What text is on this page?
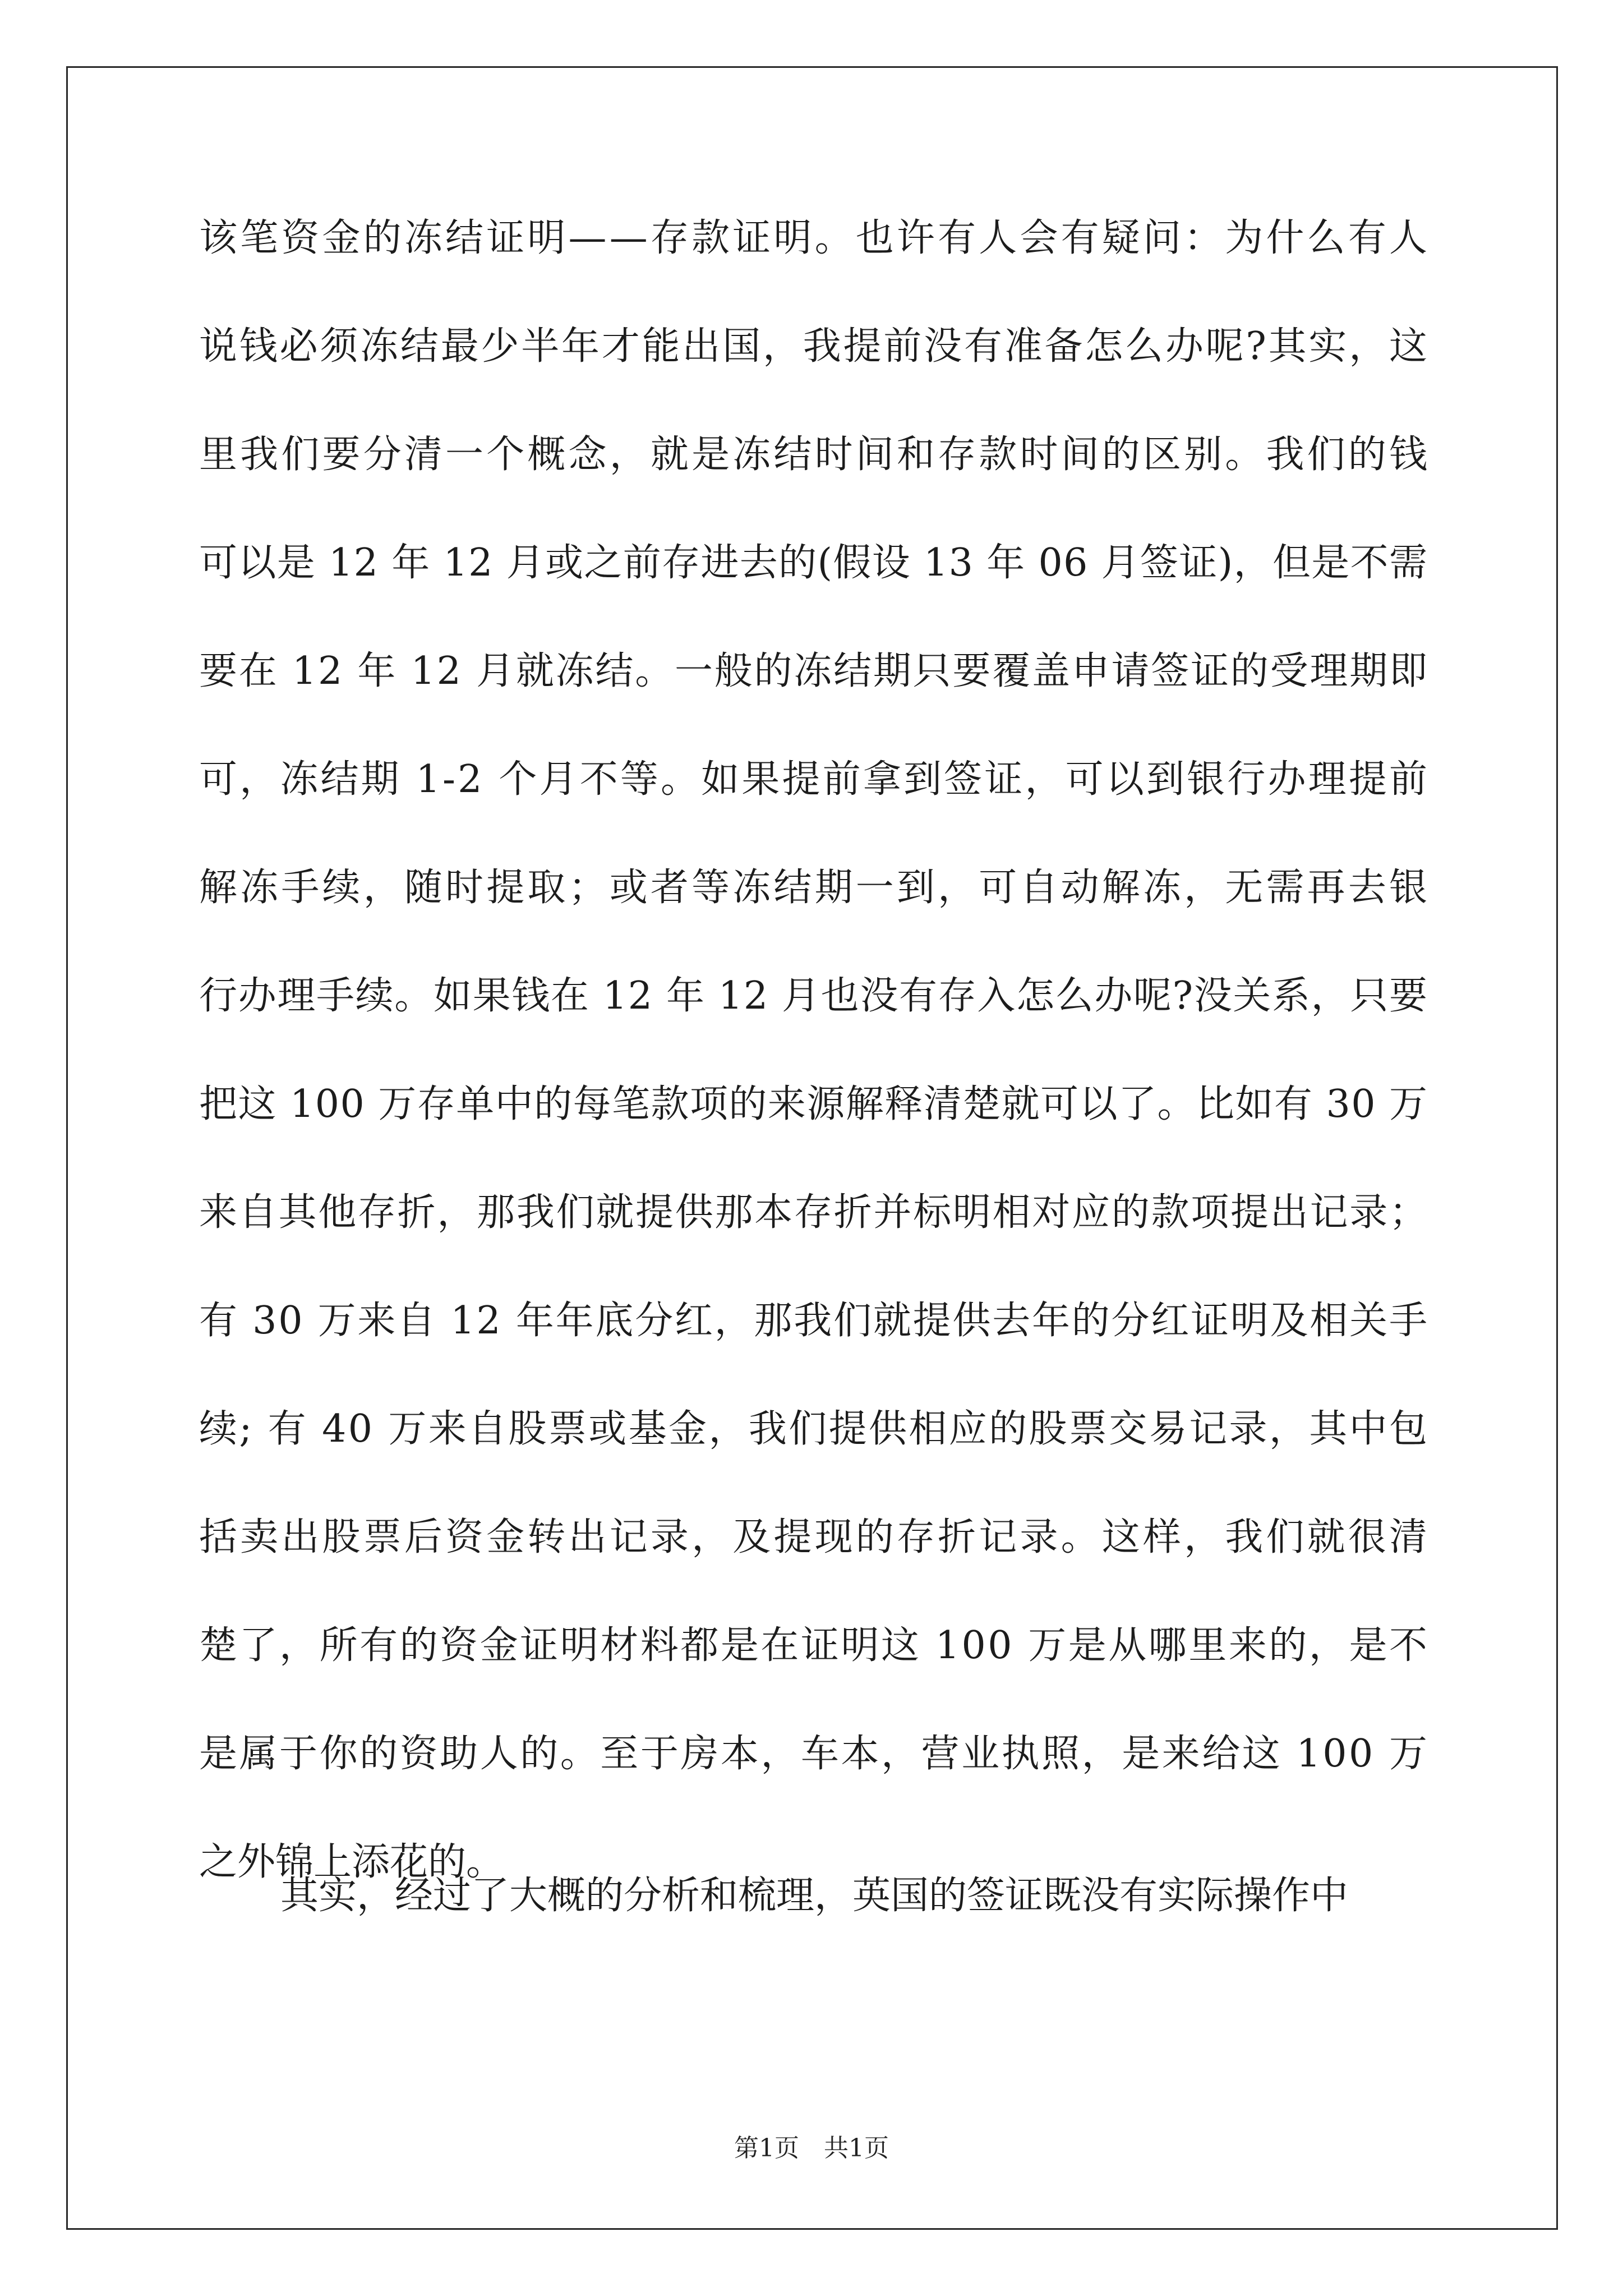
该笔资金的冻结证明——存款证明。也许有人会有疑问：为什么有人
说钱必须冻结最少半年才能出国，我提前没有准备怎么办呢?其实，这
里我们要分清一个概念，就是冻结时间和存款时间的区别。我们的钱
可以是 12 年 12 月或之前存进去的(假设 13 年 06 月签证)，但是不需
要在 12 年 12 月就冻结。一般的冻结期只要覆盖申请签证的受理期即
可，冻结期 1-2 个月不等。如果提前拿到签证，可以到银行办理提前
解冻手续，随时提取；或者等冻结期一到，可自动解冻，无需再去银
行办理手续。如果钱在 12 年 12 月也没有存入怎么办呢?没关系，只要
把这 100 万存单中的每笔款项的来源解释清楚就可以了。比如有 30 万
来自其他存折，那我们就提供那本存折并标明相对应的款项提出记录；
有 30 万来自 12 年年底分红，那我们就提供去年的分红证明及相关手
续; 有 40 万来自股票或基金，我们提供相应的股票交易记录，其中包
括卖出股票后资金转出记录，及提现的存折记录。这样，我们就很清
楚了，所有的资金证明材料都是在证明这 100 万是从哪里来的，是不
是属于你的资助人的。至于房本，车本，营业执照，是来给这 100 万
之外锦上添花的。
其实，经过了大概的分析和梳理，英国的签证既没有实际操作中
第1页　共1页
